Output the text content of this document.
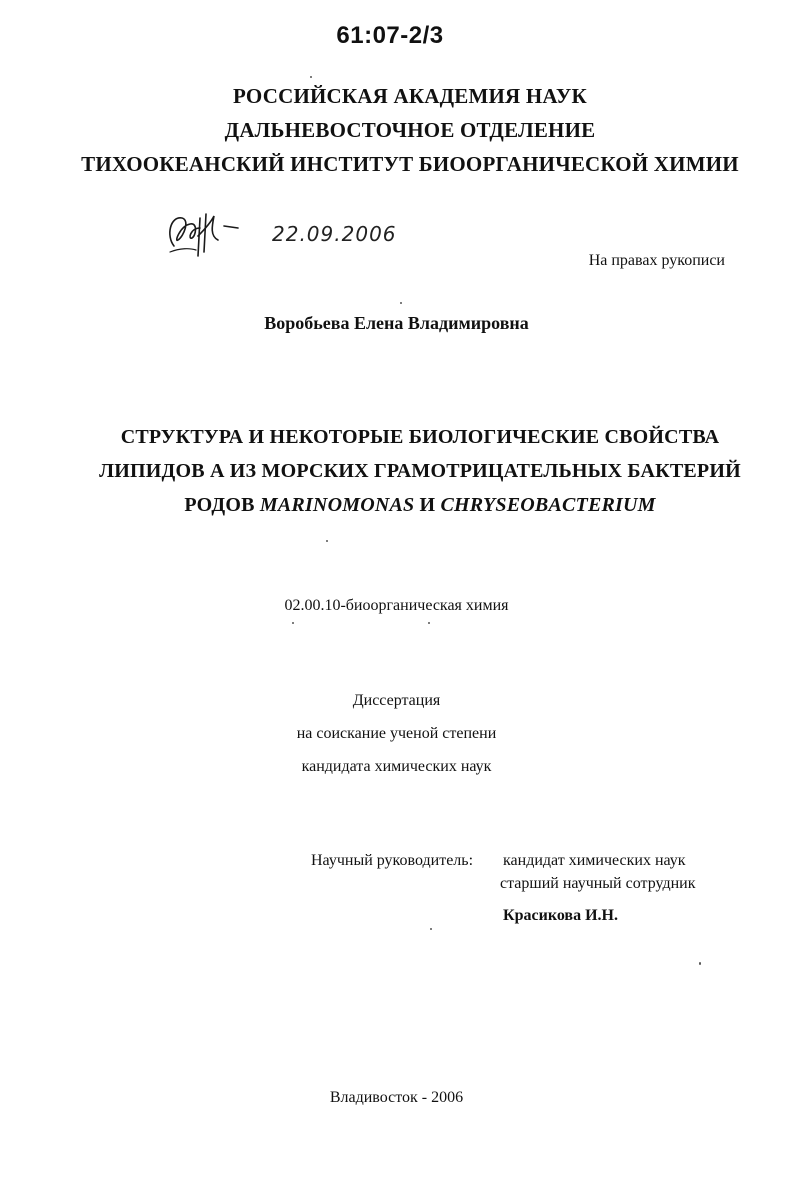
61:07-2/3
РОССИЙСКАЯ АКАДЕМИЯ НАУК
ДАЛЬНЕВОСТОЧНОЕ ОТДЕЛЕНИЕ
ТИХООКЕАНСКИЙ ИНСТИТУТ БИООРГАНИЧЕСКОЙ ХИМИИ
22.09.2006
На правах рукописи
Воробьева Елена Владимировна
СТРУКТУРА И НЕКОТОРЫЕ БИОЛОГИЧЕСКИЕ СВОЙСТВА
ЛИПИДОВ А ИЗ МОРСКИХ ГРАМОТРИЦАТЕЛЬНЫХ БАКТЕРИЙ
РОДОВ MARINOMONAS И CHRYSEOBACTERIUM
02.00.10-биоорганическая химия
Диссертация
на соискание ученой степени
кандидата химических наук
Научный руководитель: кандидат химических наук
старший научный сотрудник
Красикова И.Н.
Владивосток - 2006
